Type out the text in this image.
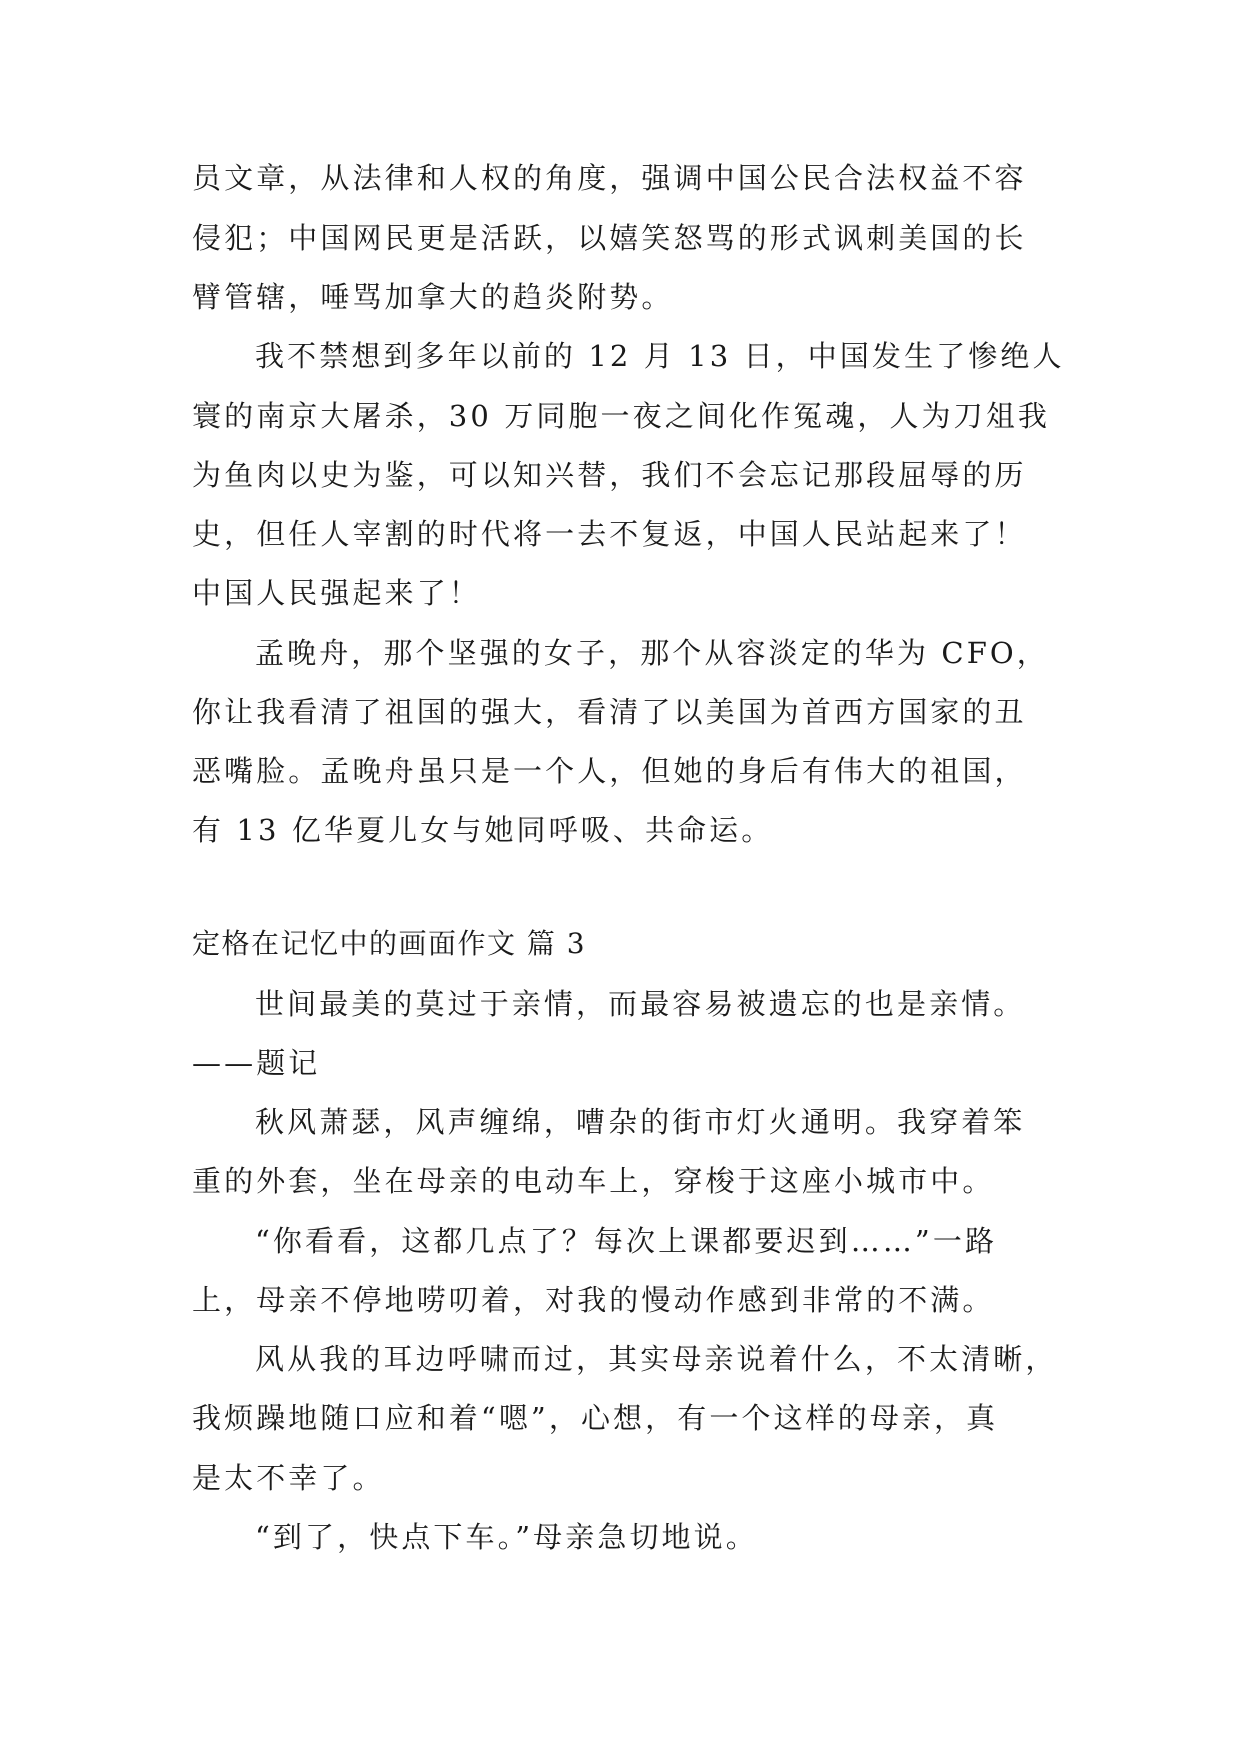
员文章，从法律和人权的角度，强调中国公民合法权益不容
侵犯；中国网民更是活跃，以嬉笑怒骂的形式讽刺美国的长
臂管辖，唾骂加拿大的趋炎附势。
我不禁想到多年以前的 12 月 13 日，中国发生了惨绝人
寰的南京大屠杀，30 万同胞一夜之间化作冤魂，人为刀俎我
为鱼肉以史为鉴，可以知兴替，我们不会忘记那段屈辱的历
史，但任人宰割的时代将一去不复返，中国人民站起来了！
中国人民强起来了！
孟晚舟，那个坚强的女子，那个从容淡定的华为 CFO，
你让我看清了祖国的强大，看清了以美国为首西方国家的丑
恶嘴脸。孟晚舟虽只是一个人，但她的身后有伟大的祖国，
有 13 亿华夏儿女与她同呼吸、共命运。
定格在记忆中的画面作文 篇 3
世间最美的莫过于亲情，而最容易被遗忘的也是亲情。
——题记
秋风萧瑟，风声缠绵，嘈杂的街市灯火通明。我穿着笨
重的外套，坐在母亲的电动车上，穿梭于这座小城市中。
“你看看，这都几点了？每次上课都要迟到……”一路
上，母亲不停地唠叨着，对我的慢动作感到非常的不满。
风从我的耳边呼啸而过，其实母亲说着什么，不太清晰，
我烦躁地随口应和着“嗯”，心想，有一个这样的母亲，真
是太不幸了。
“到了，快点下车。”母亲急切地说。
